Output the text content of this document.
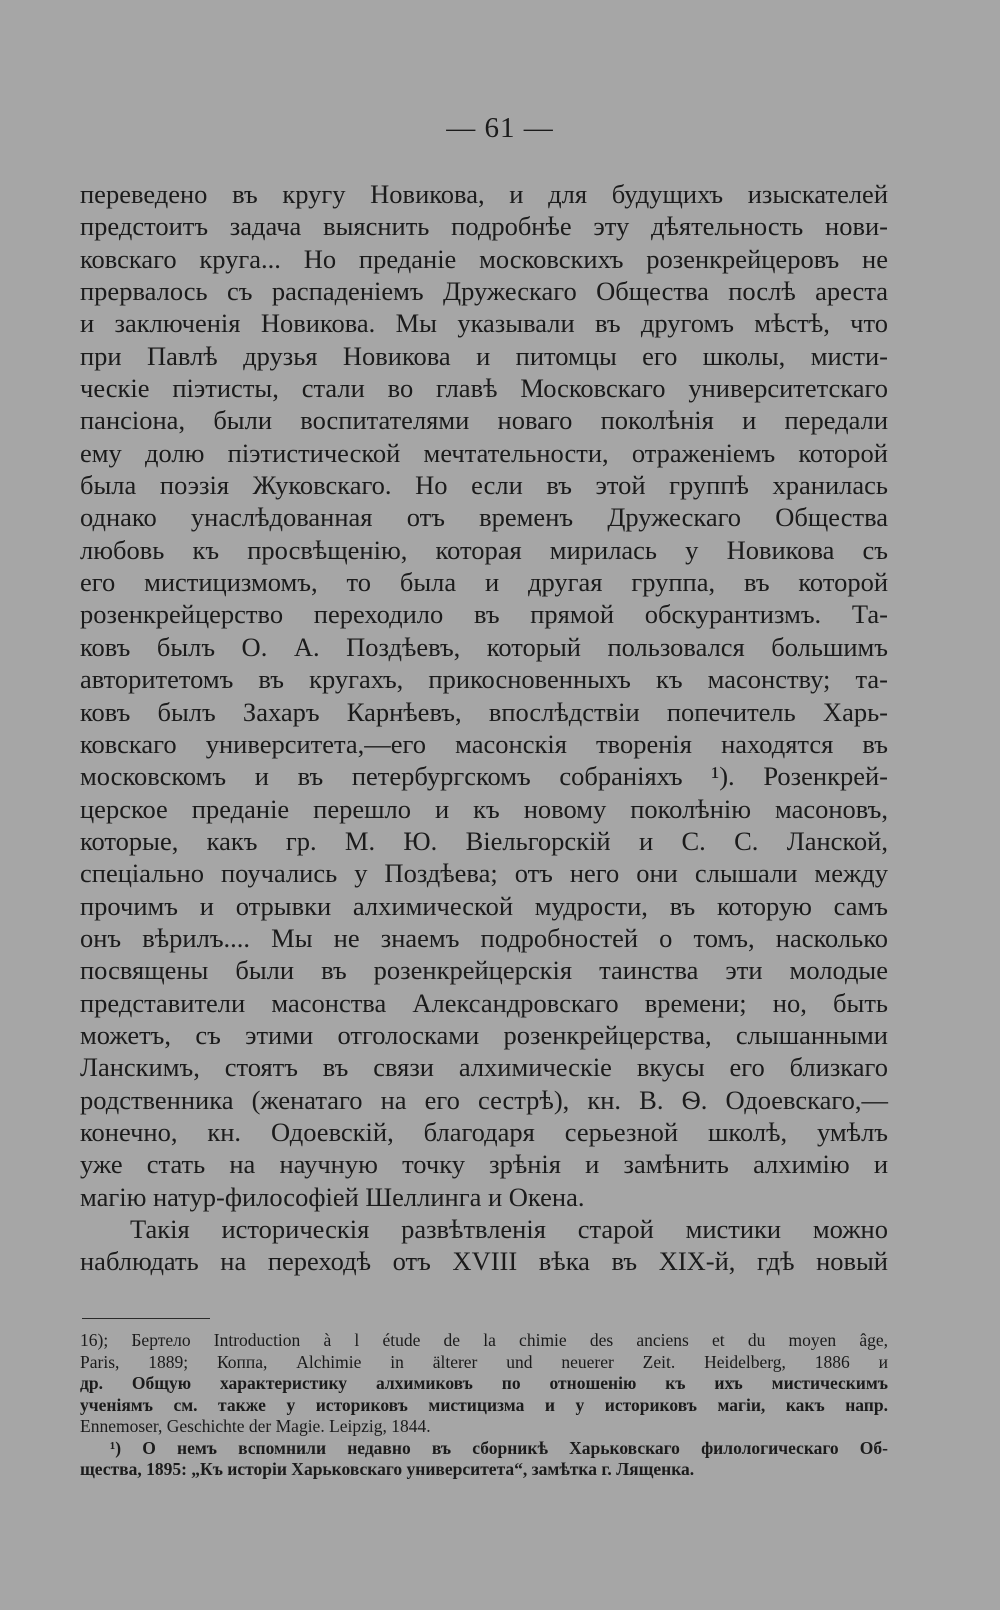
— 61 —
переведено въ кругу Новикова, и для будущихъ изыскателей
предстоитъ задача выяснить подробнѣе эту дѣятельность нови-
ковскаго круга... Но преданіе московскихъ розенкрейцеровъ не
прервалось съ распаденіемъ Дружескаго Общества послѣ ареста
и заключенія Новикова. Мы указывали въ другомъ мѣстѣ, что
при Павлѣ друзья Новикова и питомцы его школы, мисти-
ческіе піэтисты, стали во главѣ Московскаго университетскаго
пансіона, были воспитателями новаго поколѣнія и передали
ему долю піэтистической мечтательности, отраженіемъ которой
была поэзія Жуковскаго. Но если въ этой группѣ хранилась
однако унаслѣдованная отъ временъ Дружескаго Общества
любовь къ просвѣщенію, которая мирилась у Новикова съ
его мистицизмомъ, то была и другая группа, въ которой
розенкрейцерство переходило въ прямой обскурантизмъ. Та-
ковъ былъ О. А. Поздѣевъ, который пользовался большимъ
авторитетомъ въ кругахъ, прикосновенныхъ къ масонству; та-
ковъ былъ Захаръ Карнѣевъ, впослѣдствіи попечитель Харь-
ковскаго университета,—его масонскія творенія находятся въ
московскомъ и въ петербургскомъ собраніяхъ ¹). Розенкрей-
церское преданіе перешло и къ новому поколѣнію масоновъ,
которые, какъ гр. М. Ю. Віельгорскій и С. С. Ланской,
спеціально поучались у Поздѣева; отъ него они слышали между
прочимъ и отрывки алхимической мудрости, въ которую самъ
онъ вѣрилъ.... Мы не знаемъ подробностей о томъ, насколько
посвящены были въ розенкрейцерскія таинства эти молодые
представители масонства Александровскаго времени; но, быть
можетъ, съ этими отголосками розенкрейцерства, слышанными
Ланскимъ, стоятъ въ связи алхимическіе вкусы его близкаго
родственника (женатаго на его сестрѣ), кн. В. Ѳ. Одоевскаго,—
конечно, кн. Одоевскій, благодаря серьезной школѣ, умѣлъ
уже стать на научную точку зрѣнія и замѣнить алхимію и
магію натур-философіей Шеллинга и Окена.
Такія историческія развѣтвленія старой мистики можно
наблюдать на переходѣ отъ XVIII вѣка въ XIX-й, гдѣ новый
16); Бертело Introduction à l étude de la chimie des anciens et du moyen âge,
Paris, 1889; Коппа, Alchimie in älterer und neuerer Zeit. Heidelberg, 1886 и
др. Общую характеристику алхимиковъ по отношенію къ ихъ мистическимъ
ученіямъ см. также у историковъ мистицизма и у историковъ магіи, какъ напр.
Ennemoser, Geschichte der Magie. Leipzig, 1844.
¹) О немъ вспомнили недавно въ сборникѣ Харьковскаго филологическаго Об-
щества, 1895: „Къ исторіи Харьковскаго университета“, замѣтка г. Лященка.
